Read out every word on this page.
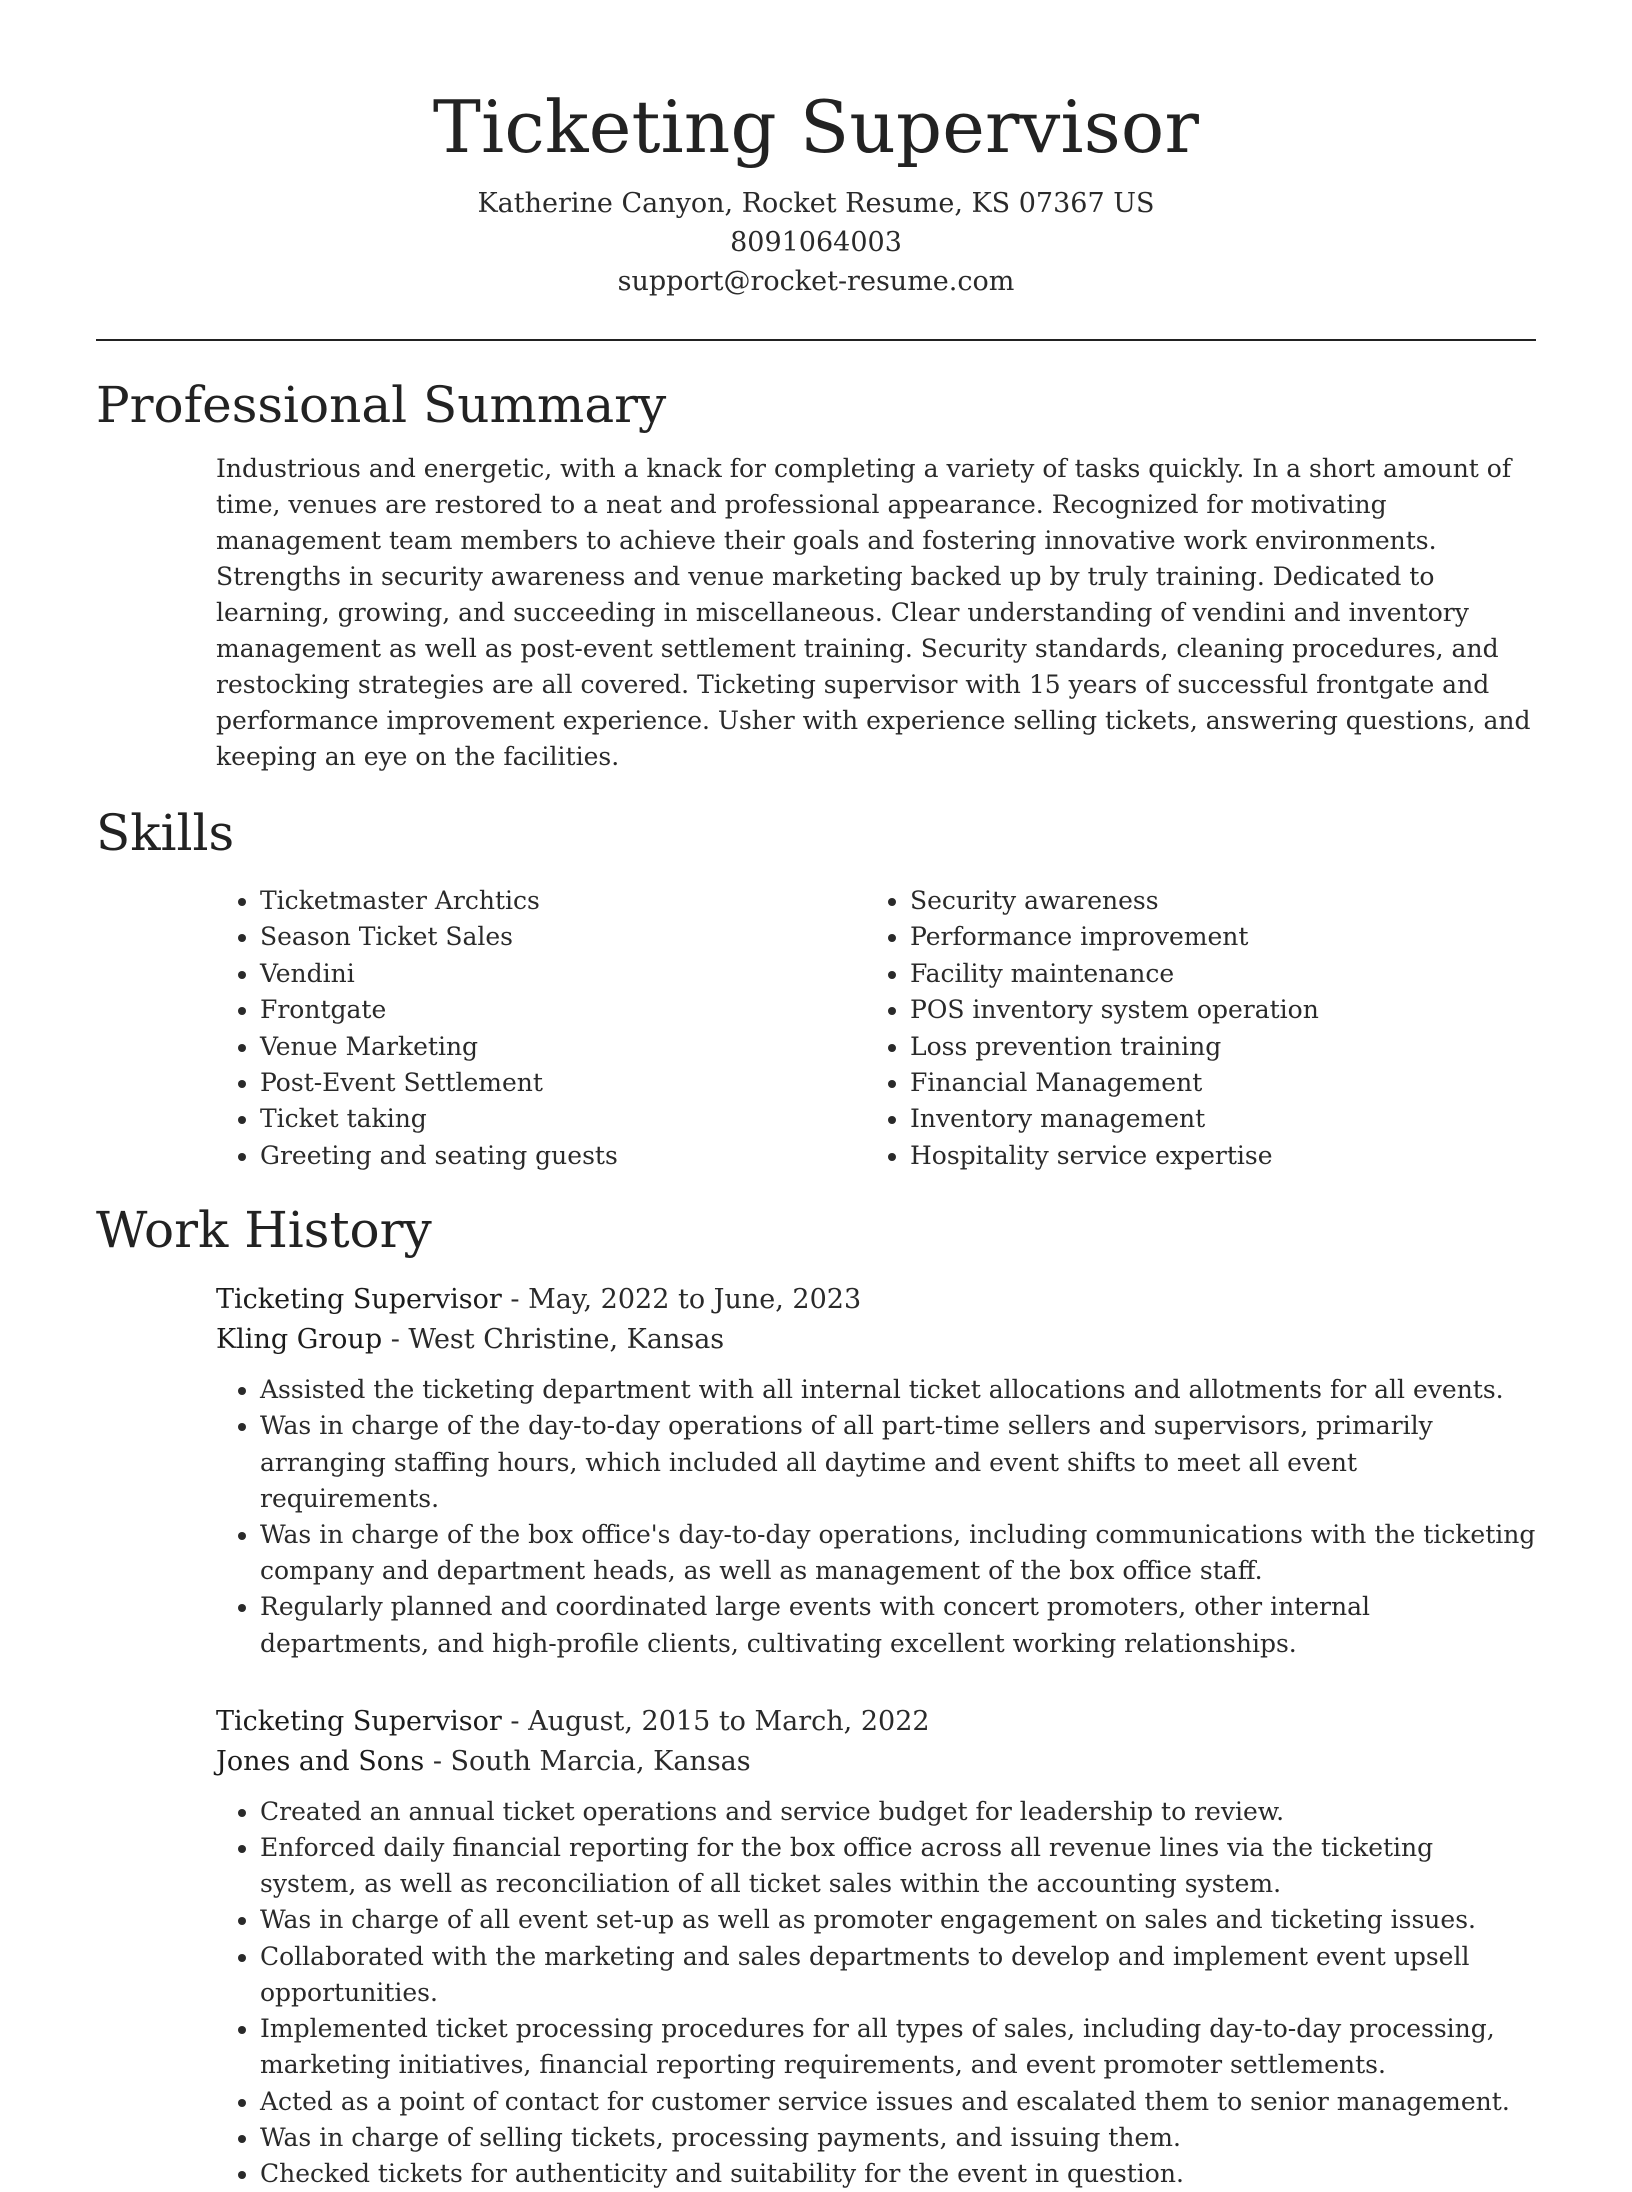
Ticketing Supervisor
Katherine Canyon, Rocket Resume, KS 07367 US
8091064003
support@rocket-resume.com
Professional Summary

Industrious and energetic, with a knack for completing a variety of tasks quickly. In a short amount of time, venues are restored to a neat and professional appearance. Recognized for motivating management team members to achieve their goals and fostering innovative work environments. Strengths in security awareness and venue marketing backed up by truly training. Dedicated to learning, growing, and succeeding in miscellaneous. Clear understanding of vendini and inventory management as well as post-event settlement training. Security standards, cleaning procedures, and restocking strategies are all covered. Ticketing supervisor with 15 years of successful frontgate and performance improvement experience. Usher with experience selling tickets, answering questions, and keeping an eye on the facilities.

Skills
• Ticketmaster Archtics
• Season Ticket Sales
• Vendini
• Frontgate
• Venue Marketing
• Post-Event Settlement
• Ticket taking
• Greeting and seating guests
• Security awareness
• Performance improvement
• Facility maintenance
• POS inventory system operation
• Loss prevention training
• Financial Management
• Inventory management
• Hospitality service expertise
Work History
Ticketing Supervisor - May, 2022 to June, 2023
Kling Group - West Christine, Kansas
• Assisted the ticketing department with all internal ticket allocations and allotments for all events.
• Was in charge of the day-to-day operations of all part-time sellers and supervisors, primarily arranging staffing hours, which included all daytime and event shifts to meet all event requirements.
• Was in charge of the box office's day-to-day operations, including communications with the ticketing company and department heads, as well as management of the box office staff.
• Regularly planned and coordinated large events with concert promoters, other internal departments, and high-profile clients, cultivating excellent working relationships.
Ticketing Supervisor - August, 2015 to March, 2022
Jones and Sons - South Marcia, Kansas
• Created an annual ticket operations and service budget for leadership to review.
• Enforced daily financial reporting for the box office across all revenue lines via the ticketing system, as well as reconciliation of all ticket sales within the accounting system.
• Was in charge of all event set-up as well as promoter engagement on sales and ticketing issues.
• Collaborated with the marketing and sales departments to develop and implement event upsell opportunities.
• Implemented ticket processing procedures for all types of sales, including day-to-day processing, marketing initiatives, financial reporting requirements, and event promoter settlements.
• Acted as a point of contact for customer service issues and escalated them to senior management.
• Was in charge of selling tickets, processing payments, and issuing them.
• Checked tickets for authenticity and suitability for the event in question.
